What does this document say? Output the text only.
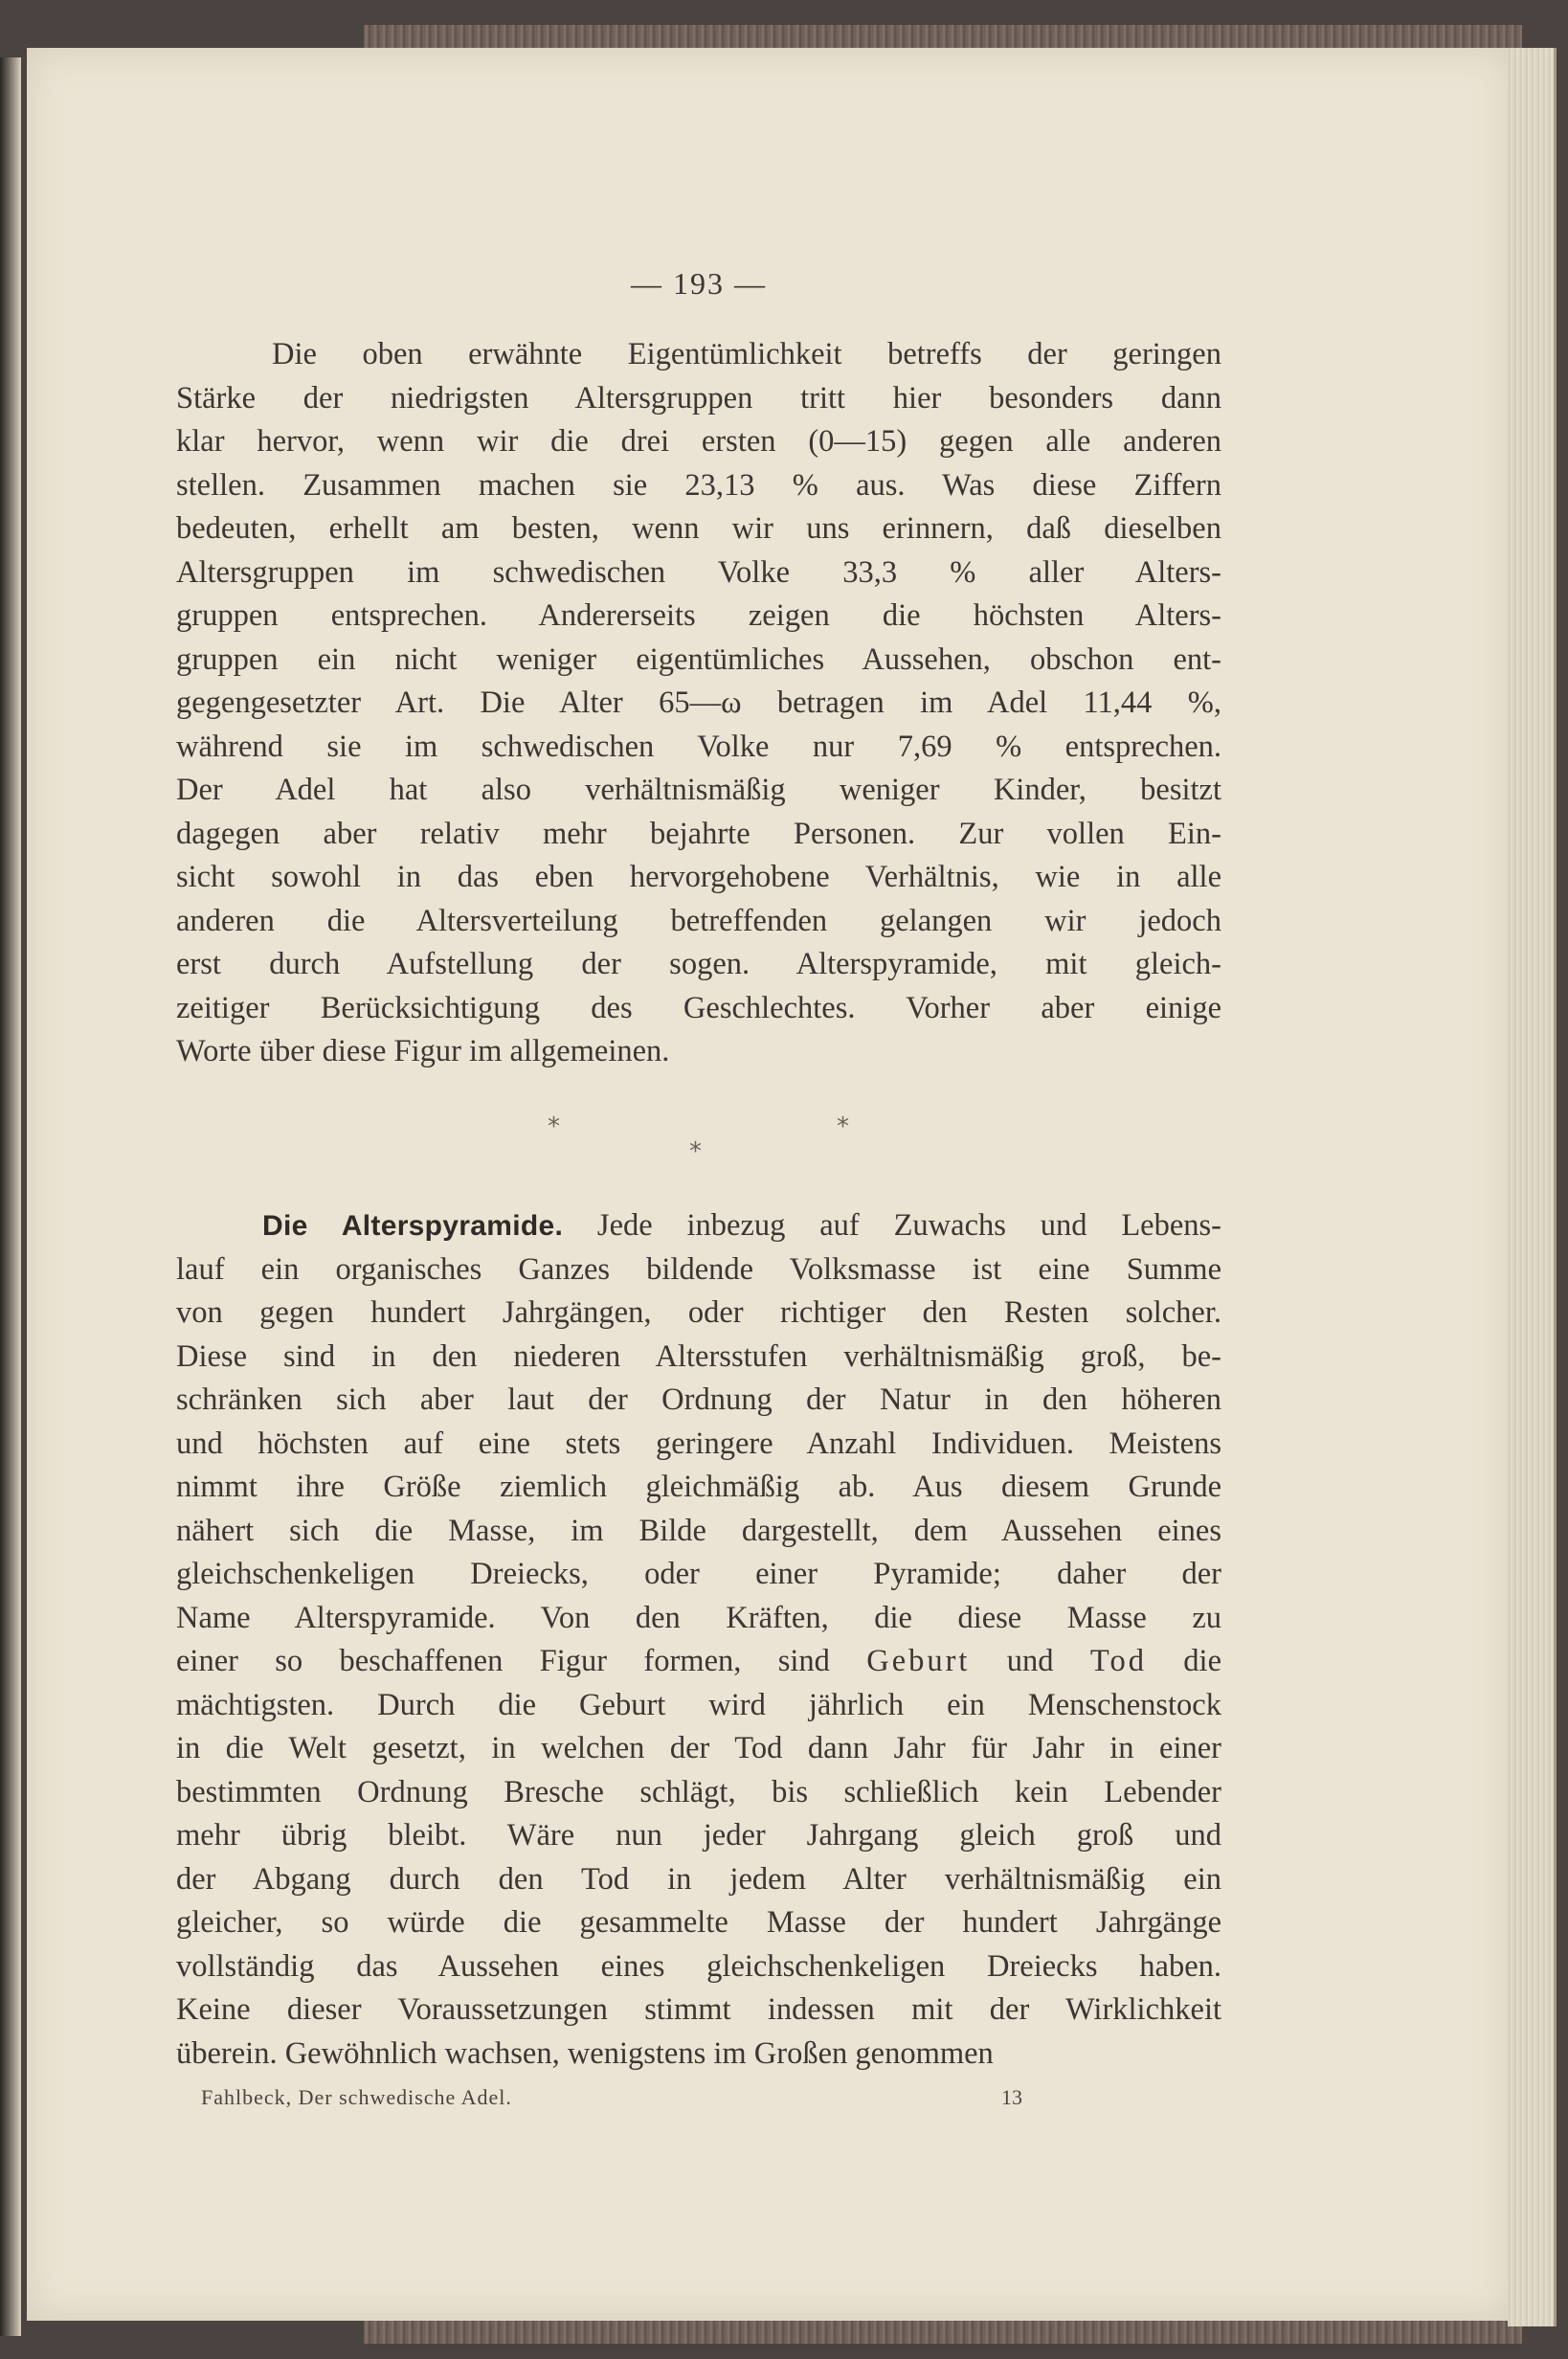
— 193 —
Die oben erwähnte Eigentümlichkeit betreffs der geringen
Stärke der niedrigsten Altersgruppen tritt hier besonders dann
klar hervor, wenn wir die drei ersten (0—15) gegen alle anderen
stellen. Zusammen machen sie 23,13 % aus. Was diese Ziffern
bedeuten, erhellt am besten, wenn wir uns erinnern, daß dieselben
Altersgruppen im schwedischen Volke 33,3 % aller Alters-
gruppen entsprechen. Andererseits zeigen die höchsten Alters-
gruppen ein nicht weniger eigentümliches Aussehen, obschon ent-
gegengesetzter Art. Die Alter 65—ω betragen im Adel 11,44 %,
während sie im schwedischen Volke nur 7,69 % entsprechen.
Der Adel hat also verhältnismäßig weniger Kinder, besitzt
dagegen aber relativ mehr bejahrte Personen. Zur vollen Ein-
sicht sowohl in das eben hervorgehobene Verhältnis, wie in alle
anderen die Altersverteilung betreffenden gelangen wir jedoch
erst durch Aufstellung der sogen. Alterspyramide, mit gleich-
zeitiger Berücksichtigung des Geschlechtes. Vorher aber einige
Worte über diese Figur im allgemeinen.
*
*
*
Die Alterspyramide. Jede inbezug auf Zuwachs und Lebens-
lauf ein organisches Ganzes bildende Volksmasse ist eine Summe
von gegen hundert Jahrgängen, oder richtiger den Resten solcher.
Diese sind in den niederen Altersstufen verhältnismäßig groß, be-
schränken sich aber laut der Ordnung der Natur in den höheren
und höchsten auf eine stets geringere Anzahl Individuen. Meistens
nimmt ihre Größe ziemlich gleichmäßig ab. Aus diesem Grunde
nähert sich die Masse, im Bilde dargestellt, dem Aussehen eines
gleichschenkeligen Dreiecks, oder einer Pyramide; daher der
Name Alterspyramide. Von den Kräften, die diese Masse zu
einer so beschaffenen Figur formen, sind Geburt und Tod die
mächtigsten. Durch die Geburt wird jährlich ein Menschenstock
in die Welt gesetzt, in welchen der Tod dann Jahr für Jahr in einer
bestimmten Ordnung Bresche schlägt, bis schließlich kein Lebender
mehr übrig bleibt. Wäre nun jeder Jahrgang gleich groß und
der Abgang durch den Tod in jedem Alter verhältnismäßig ein
gleicher, so würde die gesammelte Masse der hundert Jahrgänge
vollständig das Aussehen eines gleichschenkeligen Dreiecks haben.
Keine dieser Voraussetzungen stimmt indessen mit der Wirklichkeit
überein. Gewöhnlich wachsen, wenigstens im Großen genommen
Fahlbeck, Der schwedische Adel.	13
